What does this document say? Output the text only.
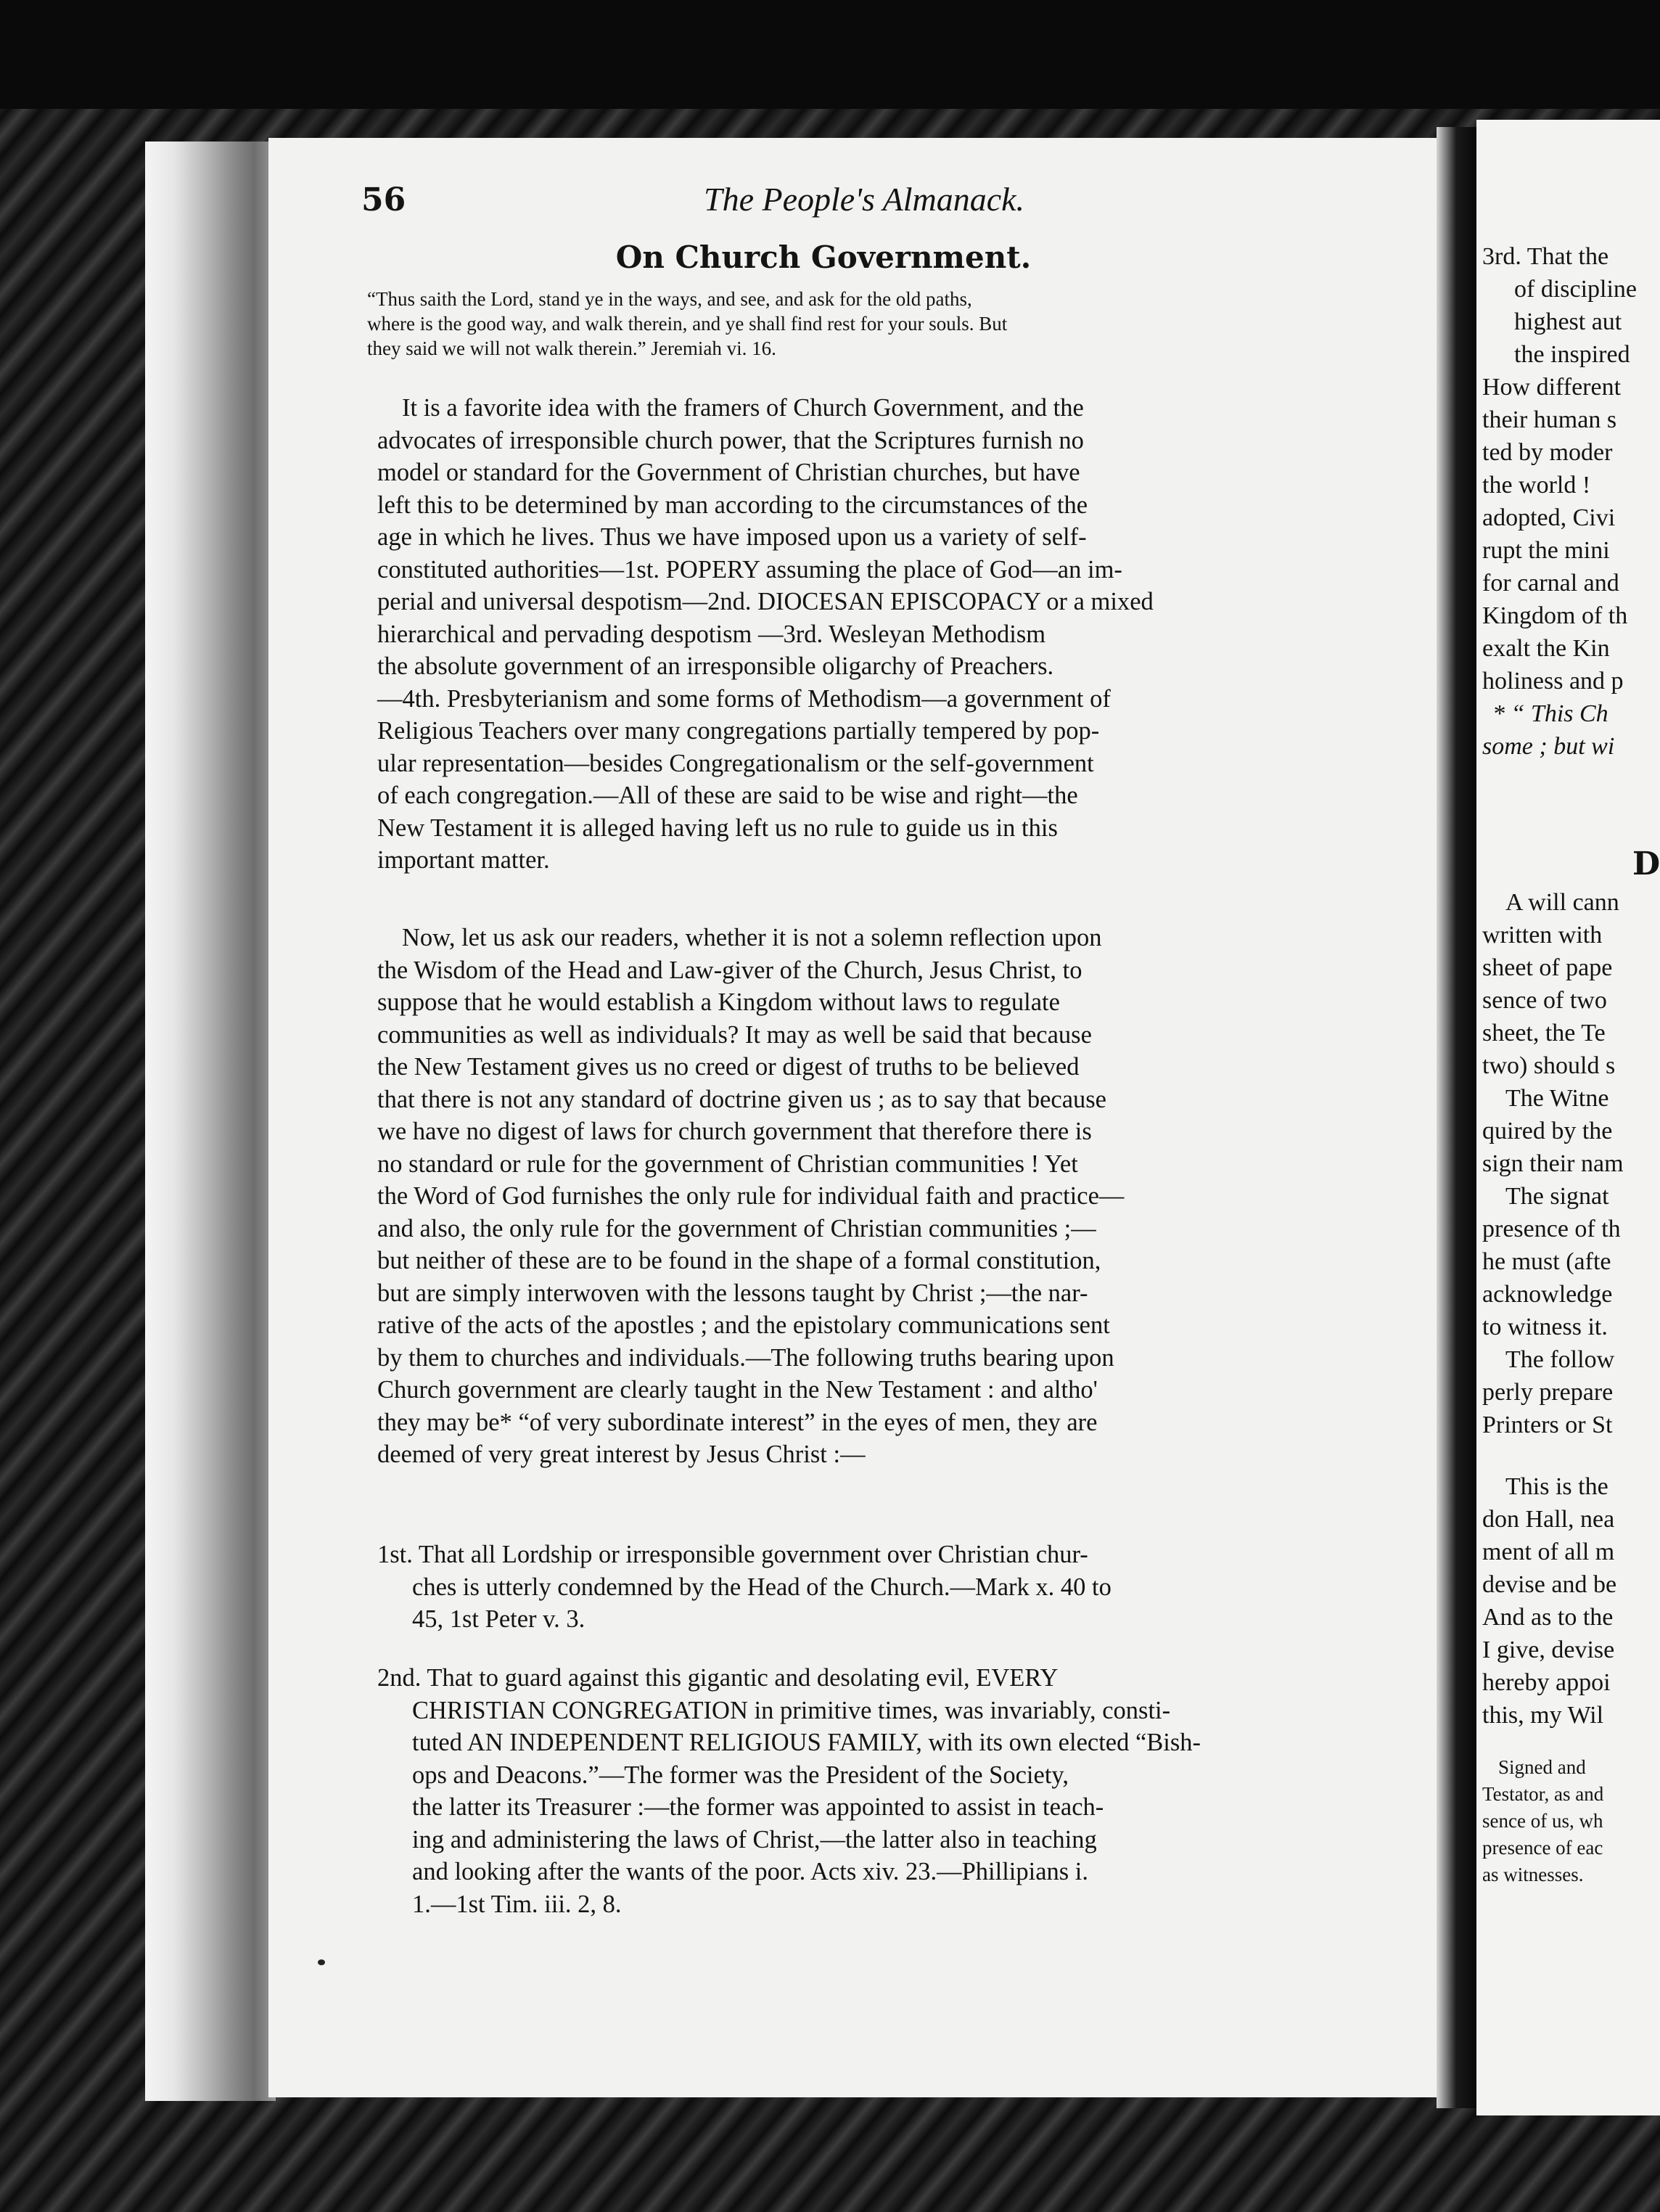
56	The People's Almanack.
On Church Government.
“Thus saith the Lord, stand ye in the ways, and see, and ask for the old paths,
where is the good way, and walk therein, and ye shall find rest for your souls. But
they said we will not walk therein.” Jeremiah vi. 16.
It is a favorite idea with the framers of Church Government, and the
advocates of irresponsible church power, that the Scriptures furnish no
model or standard for the Government of Christian churches, but have
left this to be determined by man according to the circumstances of the
age in which he lives. Thus we have imposed upon us a variety of self-
constituted authorities—1st. POPERY assuming the place of God—an im-
perial and universal despotism—2nd. DIOCESAN EPISCOPACY or a mixed
hierarchical and pervading despotism —3rd. Wesleyan Methodism
the absolute government of an irresponsible oligarchy of Preachers.
—4th. Presbyterianism and some forms of Methodism—a government of
Religious Teachers over many congregations partially tempered by pop-
ular representation—besides Congregationalism or the self-government
of each congregation.—All of these are said to be wise and right—the
New Testament it is alleged having left us no rule to guide us in this
important matter.
Now, let us ask our readers, whether it is not a solemn reflection upon
the Wisdom of the Head and Law-giver of the Church, Jesus Christ, to
suppose that he would establish a Kingdom without laws to regulate
communities as well as individuals? It may as well be said that because
the New Testament gives us no creed or digest of truths to be believed
that there is not any standard of doctrine given us ; as to say that because
we have no digest of laws for church government that therefore there is
no standard or rule for the government of Christian communities ! Yet
the Word of God furnishes the only rule for individual faith and practice—
and also, the only rule for the government of Christian communities ;—
but neither of these are to be found in the shape of a formal constitution,
but are simply interwoven with the lessons taught by Christ ;—the nar-
rative of the acts of the apostles ; and the epistolary communications sent
by them to churches and individuals.—The following truths bearing upon
Church government are clearly taught in the New Testament : and altho'
they may be* “of very subordinate interest” in the eyes of men, they are
deemed of very great interest by Jesus Christ :—
1st. That all Lordship or irresponsible government over Christian chur-
ches is utterly condemned by the Head of the Church.—Mark x. 40 to
45, 1st Peter v. 3.
2nd. That to guard against this gigantic and desolating evil, EVERY
CHRISTIAN CONGREGATION in primitive times, was invariably, consti-
tuted AN INDEPENDENT RELIGIOUS FAMILY, with its own elected “Bish-
ops and Deacons.”—The former was the President of the Society,
the latter its Treasurer :—the former was appointed to assist in teach-
ing and administering the laws of Christ,—the latter also in teaching
and looking after the wants of the poor. Acts xiv. 23.—Phillipians i.
1.—1st Tim. iii. 2, 8.
3rd. That the
of discipline
highest aut
the inspired
How different
their human s
ted by moder
the world !
adopted, Civi
rupt the mini
for carnal and
Kingdom of th
exalt the Kin
holiness and p
* “ This Ch
some ; but wi
D
A will cann
written with
sheet of pape
sence of two
sheet, the Te
two) should s
The Witne
quired by the
sign their nam
The signat
presence of th
he must (afte
acknowledge
to witness it.
The follow
perly prepare
Printers or St
This is the
don Hall, nea
ment of all m
devise and be
And as to the
I give, devise
hereby appoi
this, my Wil
Signed and
Testator, as and
sence of us, wh
presence of eac
as witnesses.
